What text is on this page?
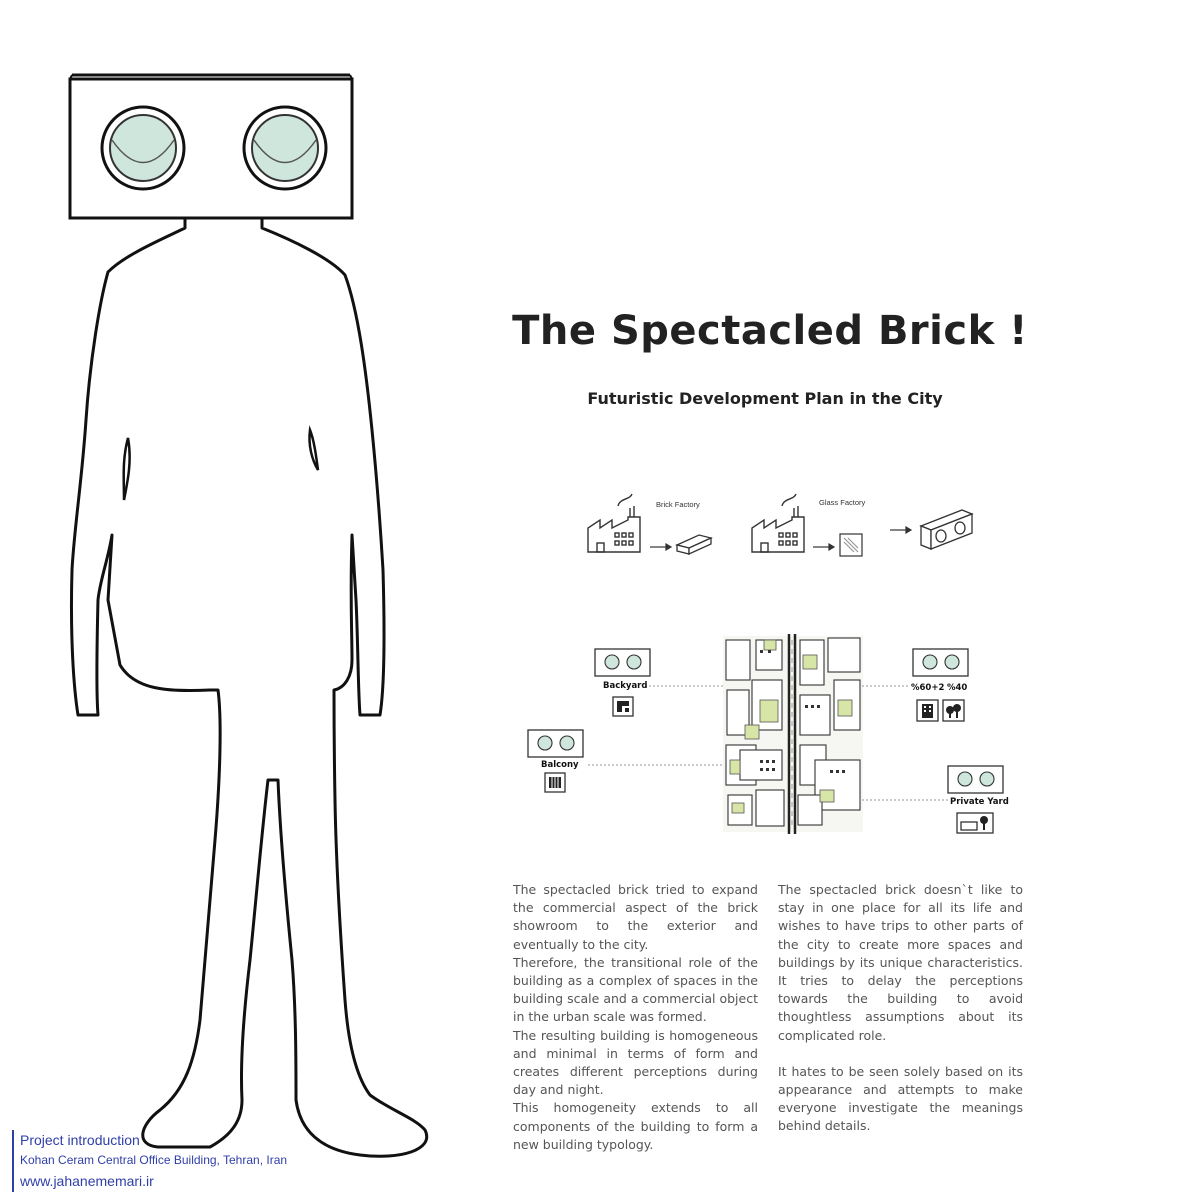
Brick Factory	Glass Factory
The Spectacled Brick !
Futuristic Development Plan in the City
Backyard
Balcony
%60+2 %40
Private Yard

The spectacled brick tried to expand the commercial aspect of the brick showroom to the exterior and eventually to the city.

Therefore, the transitional role of the building as a complex of spaces in the building scale and a commercial object in the urban scale was formed.

The resulting building is homogeneous and minimal in terms of form and creates different perceptions during day and night.

This homogeneity extends to all components of the building to form a new building typology.

The spectacled brick doesn`t like to stay in one place for all its life and wishes to have trips to other parts of the city to create more spaces and buildings by its unique characteristics. It tries to delay the perceptions towards the building to avoid thoughtless assumptions about its complicated role.

It hates to be seen solely based on its appearance and attempts to make everyone investigate the meanings behind details.

Project introduction
Kohan Ceram Central Office Building, Tehran, Iran
www.jahanememari.ir
